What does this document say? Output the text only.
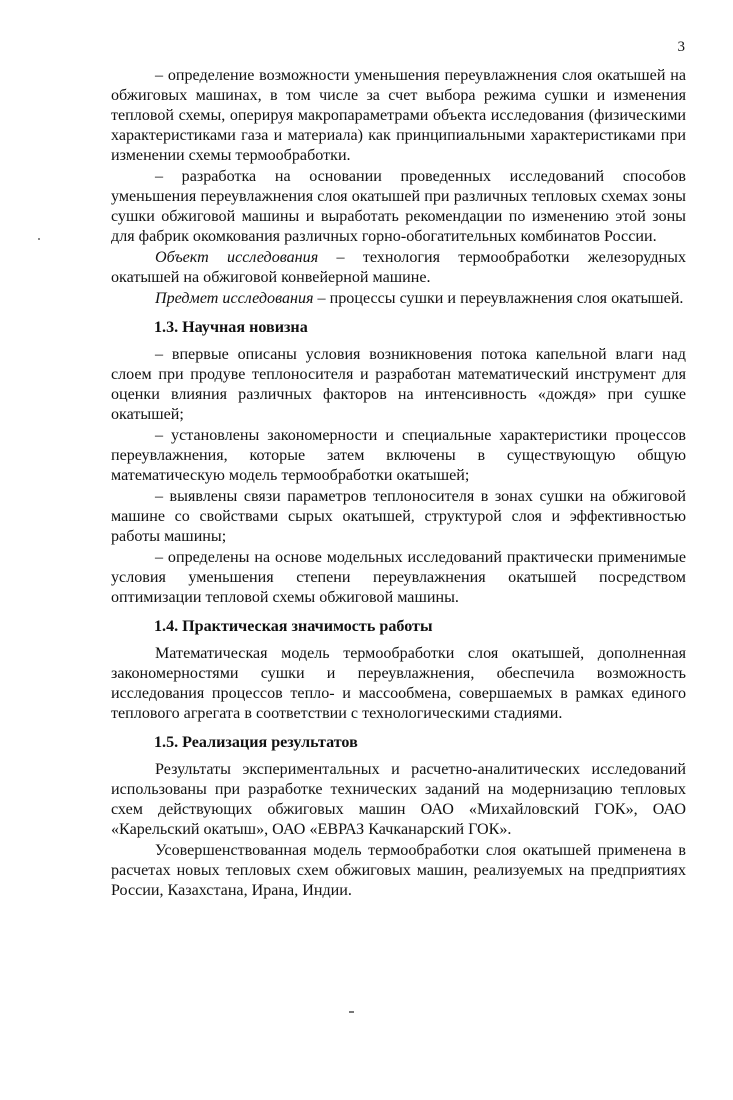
3

– определение возможности уменьшения переувлажнения слоя окатышей на обжиговых машинах, в том числе за счет выбора режима сушки и изменения тепловой схемы, оперируя макропараметрами объекта исследования (физическими характеристиками газа и материала) как принципиальными характеристиками при изменении схемы термообработки.

– разработка на основании проведенных исследований способов уменьшения переувлажнения слоя окатышей при различных тепловых схемах зоны сушки обжиговой машины и выработать рекомендации по изменению этой зоны для фабрик окомкования различных горно-обогатительных комбинатов России.

Объект исследования – технология термообработки железорудных окатышей на обжиговой конвейерной машине.

Предмет исследования – процессы сушки и переувлажнения слоя окатышей.

1.3. Научная новизна

– впервые описаны условия возникновения потока капельной влаги над слоем при продуве теплоносителя и разработан математический инструмент для оценки влияния различных факторов на интенсивность «дождя» при сушке окатышей;

– установлены закономерности и специальные характеристики процессов переувлажнения, которые затем включены в существующую общую математическую модель термообработки окатышей;

– выявлены связи параметров теплоносителя в зонах сушки на обжиговой машине со свойствами сырых окатышей, структурой слоя и эффективностью работы машины;

– определены на основе модельных исследований практически применимые условия уменьшения степени переувлажнения окатышей посредством оптимизации тепловой схемы обжиговой машины.

1.4. Практическая значимость работы

Математическая модель термообработки слоя окатышей, дополненная закономерностями сушки и переувлажнения, обеспечила возможность исследования процессов тепло- и массообмена, совершаемых в рамках единого теплового агрегата в соответствии с технологическими стадиями.

1.5. Реализация результатов

Результаты экспериментальных и расчетно-аналитических исследований использованы при разработке технических заданий на модернизацию тепловых схем действующих обжиговых машин ОАО «Михайловский ГОК», ОАО «Карельский окатыш», ОАО «ЕВРАЗ Качканарский ГОК».

Усовершенствованная модель термообработки слоя окатышей применена в расчетах новых тепловых схем обжиговых машин, реализуемых на предприятиях России, Казахстана, Ирана, Индии.
